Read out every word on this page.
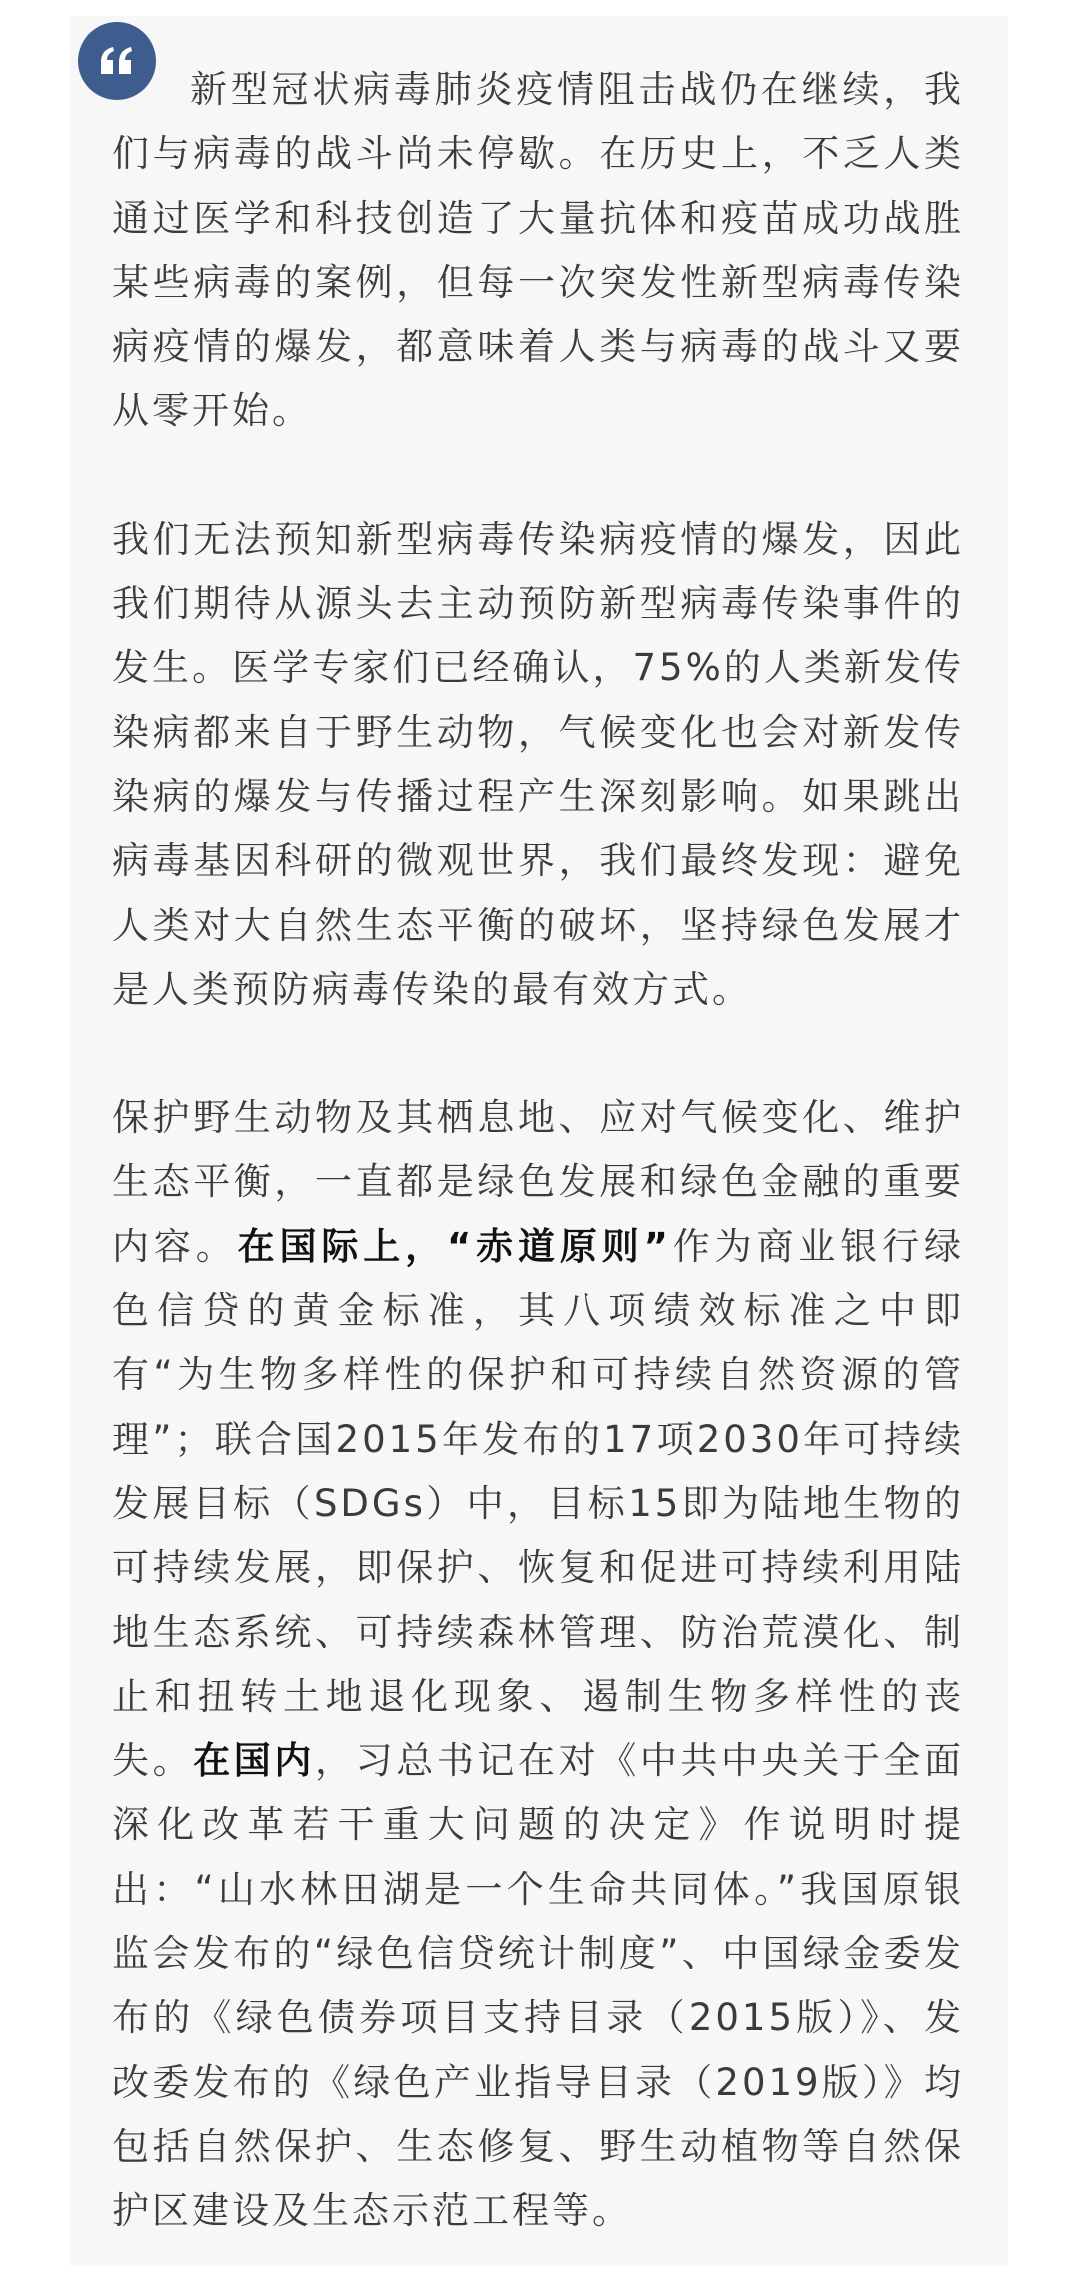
新型冠状病毒肺炎疫情阻击战仍在继续，我们与病毒的战斗尚未停歇。在历史上，不乏人类通过医学和科技创造了大量抗体和疫苗成功战胜某些病毒的案例，但每一次突发性新型病毒传染病疫情的爆发，都意味着人类与病毒的战斗又要从零开始。

我们无法预知新型病毒传染病疫情的爆发，因此我们期待从源头去主动预防新型病毒传染事件的发生。医学专家们已经确认，75%的人类新发传染病都来自于野生动物，气候变化也会对新发传染病的爆发与传播过程产生深刻影响。如果跳出病毒基因科研的微观世界，我们最终发现：避免人类对大自然生态平衡的破坏，坚持绿色发展才是人类预防病毒传染的最有效方式。

保护野生动物及其栖息地、应对气候变化、维护生态平衡，一直都是绿色发展和绿色金融的重要内容。在国际上，“赤道原则”作为商业银行绿色信贷的黄金标准，其八项绩效标准之中即有“为生物多样性的保护和可持续自然资源的管理”；联合国2015年发布的17项2030年可持续发展目标（SDGs）中，目标15即为陆地生物的可持续发展，即保护、恢复和促进可持续利用陆地生态系统、可持续森林管理、防治荒漠化、制止和扭转土地退化现象、遏制生物多样性的丧失。在国内，习总书记在对《中共中央关于全面深化改革若干重大问题的决定》作说明时提出：“山水林田湖是一个生命共同体。”我国原银监会发布的“绿色信贷统计制度”、中国绿金委发布的《绿色债券项目支持目录（2015版）》、发改委发布的《绿色产业指导目录（2019版）》均包括自然保护、生态修复、野生动植物等自然保护区建设及生态示范工程等。
